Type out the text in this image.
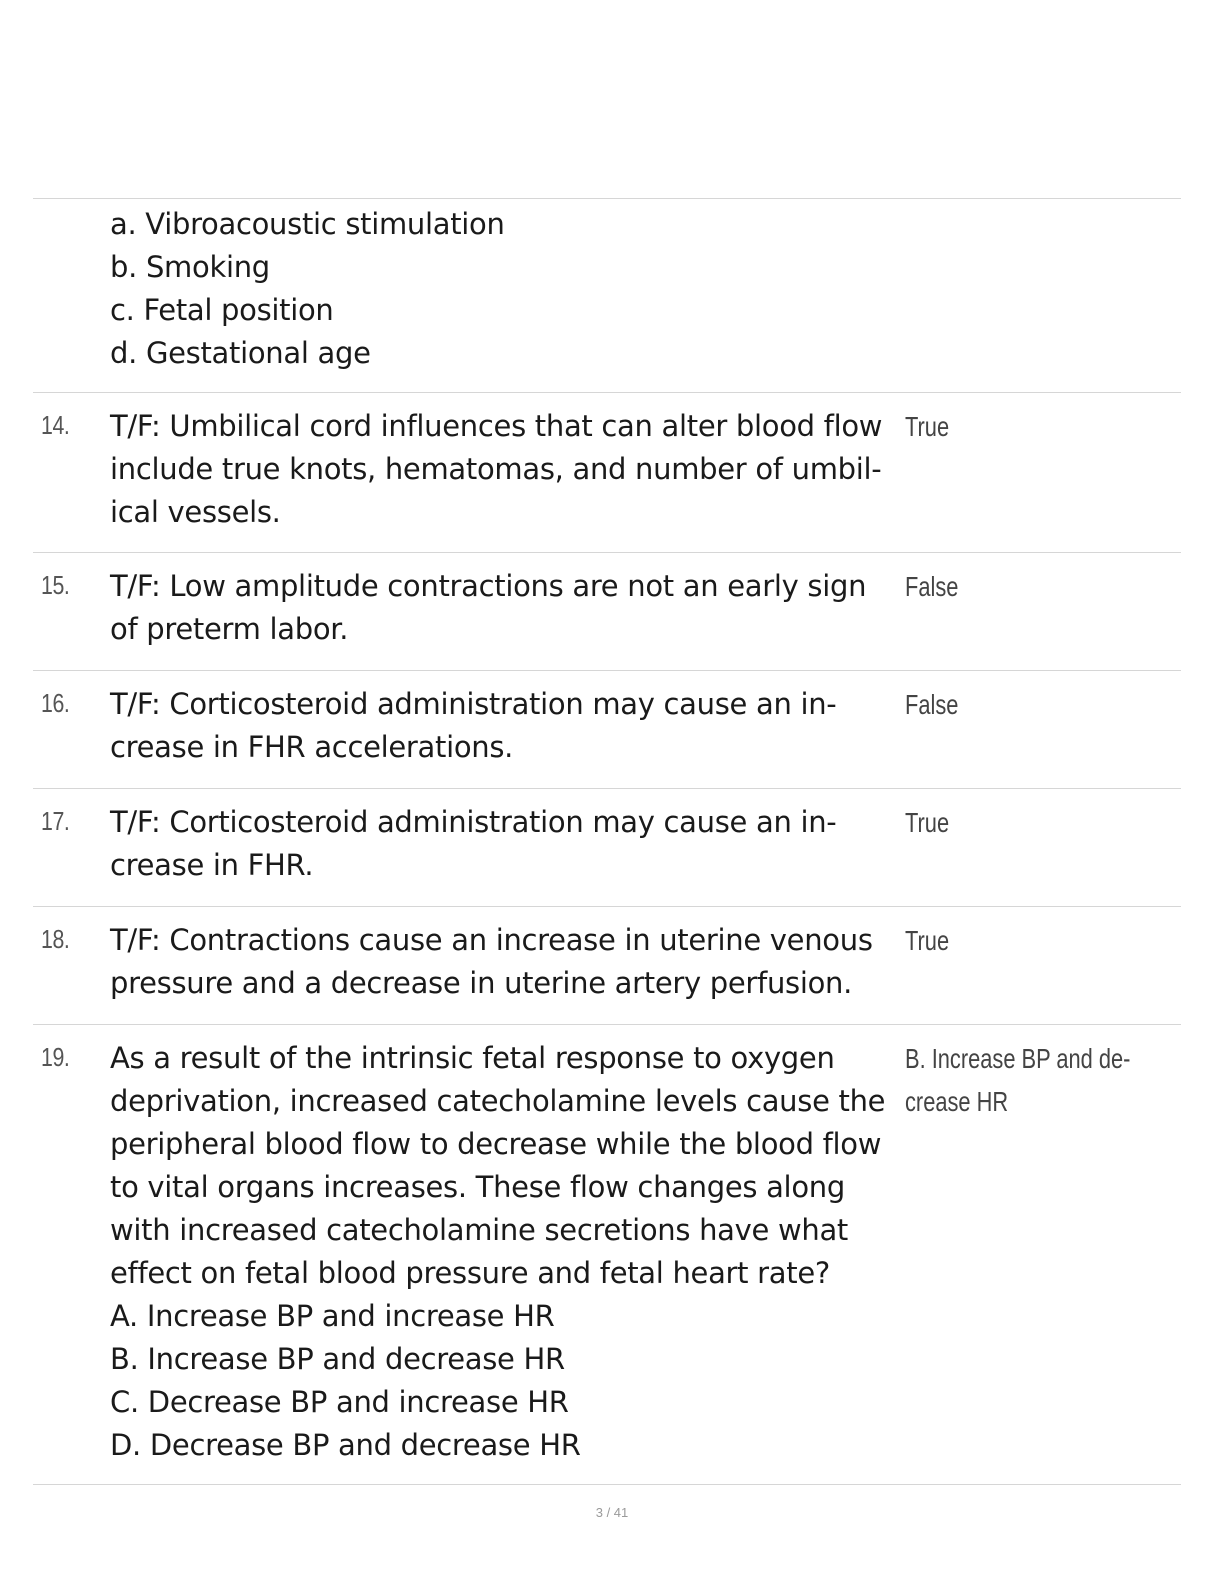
a. Vibroacoustic stimulation
b. Smoking
c. Fetal position
d. Gestational age
14. T/F: Umbilical cord influences that can alter blood flow
include true knots, hematomas, and number of umbil-
ical vessels.
True
15. T/F: Low amplitude contractions are not an early sign
of preterm labor.
False
16. T/F: Corticosteroid administration may cause an in-
crease in FHR accelerations.
False
17. T/F: Corticosteroid administration may cause an in-
crease in FHR.
True
18. T/F: Contractions cause an increase in uterine venous
pressure and a decrease in uterine artery perfusion.
True
19. As a result of the intrinsic fetal response to oxygen
deprivation, increased catecholamine levels cause the
peripheral blood flow to decrease while the blood flow
to vital organs increases. These flow changes along
with increased catecholamine secretions have what
effect on fetal blood pressure and fetal heart rate?
A. Increase BP and increase HR
B. Increase BP and decrease HR
C. Decrease BP and increase HR
D. Decrease BP and decrease HR
B. Increase BP and de-
crease HR
3 / 41
